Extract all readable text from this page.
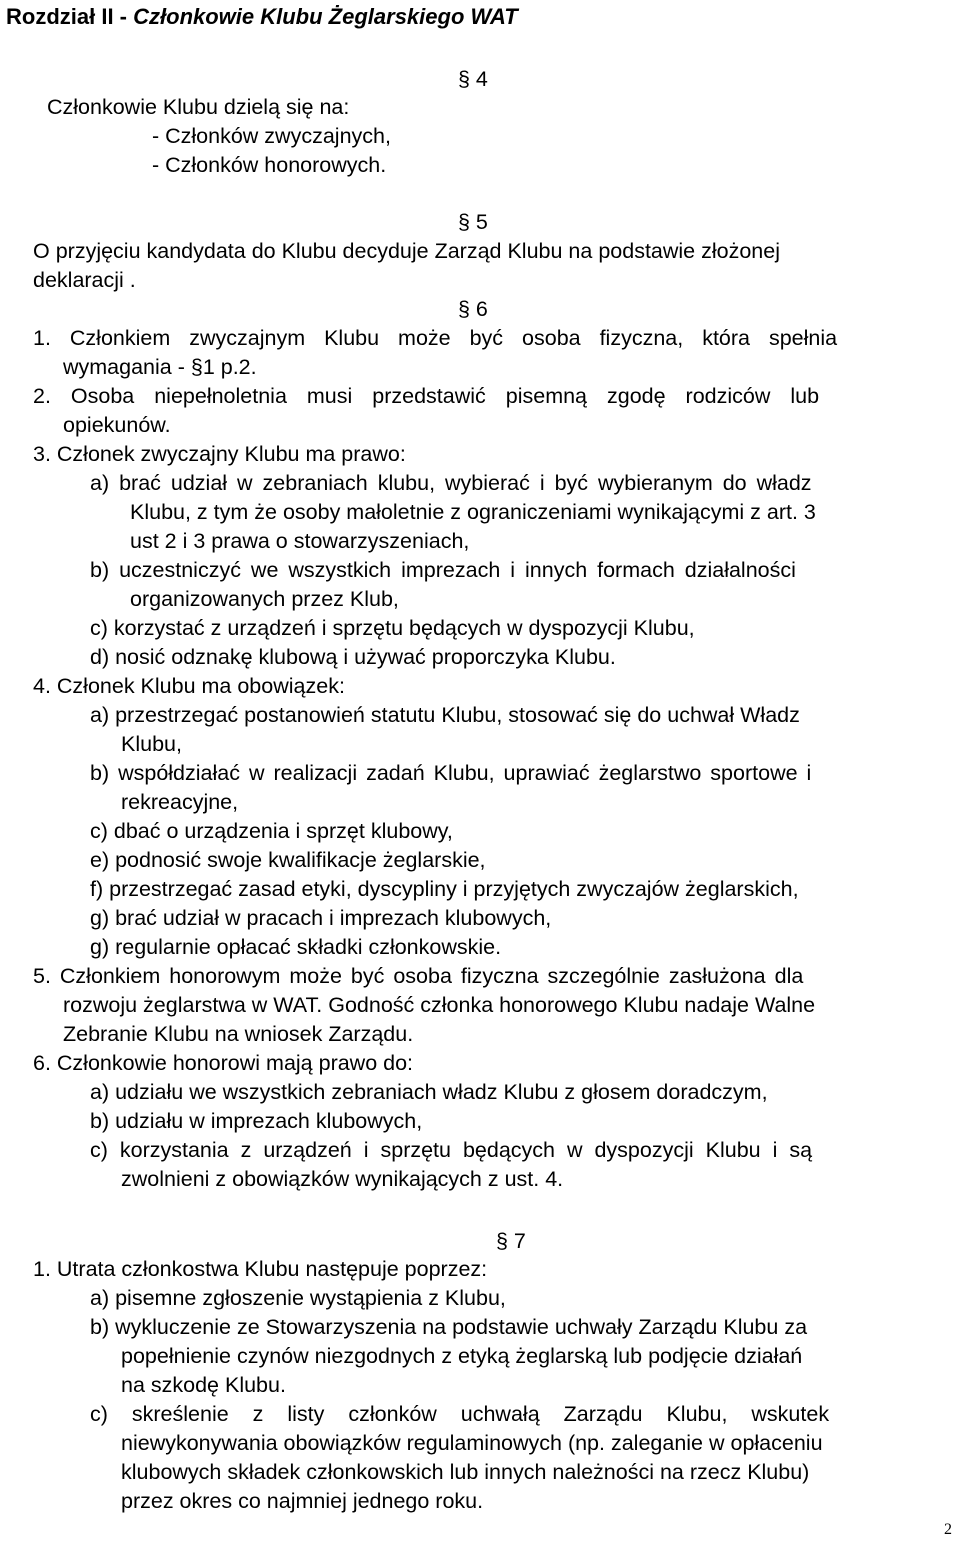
Rozdział II - Członkowie Klubu Żeglarskiego WAT
§ 4
§ 5
§ 6
§ 7
Członkowie Klubu dzielą się na:
- Członków zwyczajnych,
- Członków honorowych.
O przyjęciu kandydata do Klubu decyduje Zarząd Klubu na podstawie złożonej
deklaracji .
1. Członkiem zwyczajnym Klubu może być osoba fizyczna, która spełnia
wymagania - §1 p.2.
2. Osoba niepełnoletnia musi przedstawić pisemną zgodę rodziców lub
opiekunów.
3. Członek zwyczajny Klubu ma prawo:
a) brać udział w zebraniach klubu, wybierać i być wybieranym do władz
Klubu, z tym że osoby małoletnie z ograniczeniami wynikającymi z art. 3
ust 2 i 3 prawa o stowarzyszeniach,
b) uczestniczyć we wszystkich imprezach i innych formach działalności
organizowanych przez Klub,
c) korzystać z urządzeń i sprzętu będących w dyspozycji Klubu,
d) nosić odznakę klubową i używać proporczyka Klubu.
4. Członek Klubu ma obowiązek:
a) przestrzegać postanowień statutu Klubu, stosować się do uchwał Władz
Klubu,
b) współdziałać w realizacji zadań Klubu, uprawiać żeglarstwo sportowe i
rekreacyjne,
c) dbać o urządzenia i sprzęt klubowy,
e) podnosić swoje kwalifikacje żeglarskie,
f) przestrzegać zasad etyki, dyscypliny i przyjętych zwyczajów żeglarskich,
g) brać udział w pracach i imprezach klubowych,
g) regularnie opłacać składki członkowskie.
5. Członkiem honorowym może być osoba fizyczna szczególnie zasłużona dla
rozwoju żeglarstwa w WAT. Godność członka honorowego Klubu nadaje Walne
Zebranie Klubu na wniosek Zarządu.
6. Członkowie honorowi mają prawo do:
a) udziału we wszystkich zebraniach władz Klubu z głosem doradczym,
b) udziału w imprezach klubowych,
c) korzystania z urządzeń i sprzętu będących w dyspozycji Klubu i są
zwolnieni z obowiązków wynikających z ust. 4.
1. Utrata członkostwa Klubu następuje poprzez:
a) pisemne zgłoszenie wystąpienia z Klubu,
b) wykluczenie ze Stowarzyszenia na podstawie uchwały Zarządu Klubu za
popełnienie czynów niezgodnych z etyką żeglarską lub podjęcie działań
na szkodę Klubu.
c) skreślenie z listy członków uchwałą Zarządu Klubu, wskutek
niewykonywania obowiązków regulaminowych (np. zaleganie w opłaceniu
klubowych składek członkowskich lub innych należności na rzecz Klubu)
przez okres co najmniej jednego roku.
2
